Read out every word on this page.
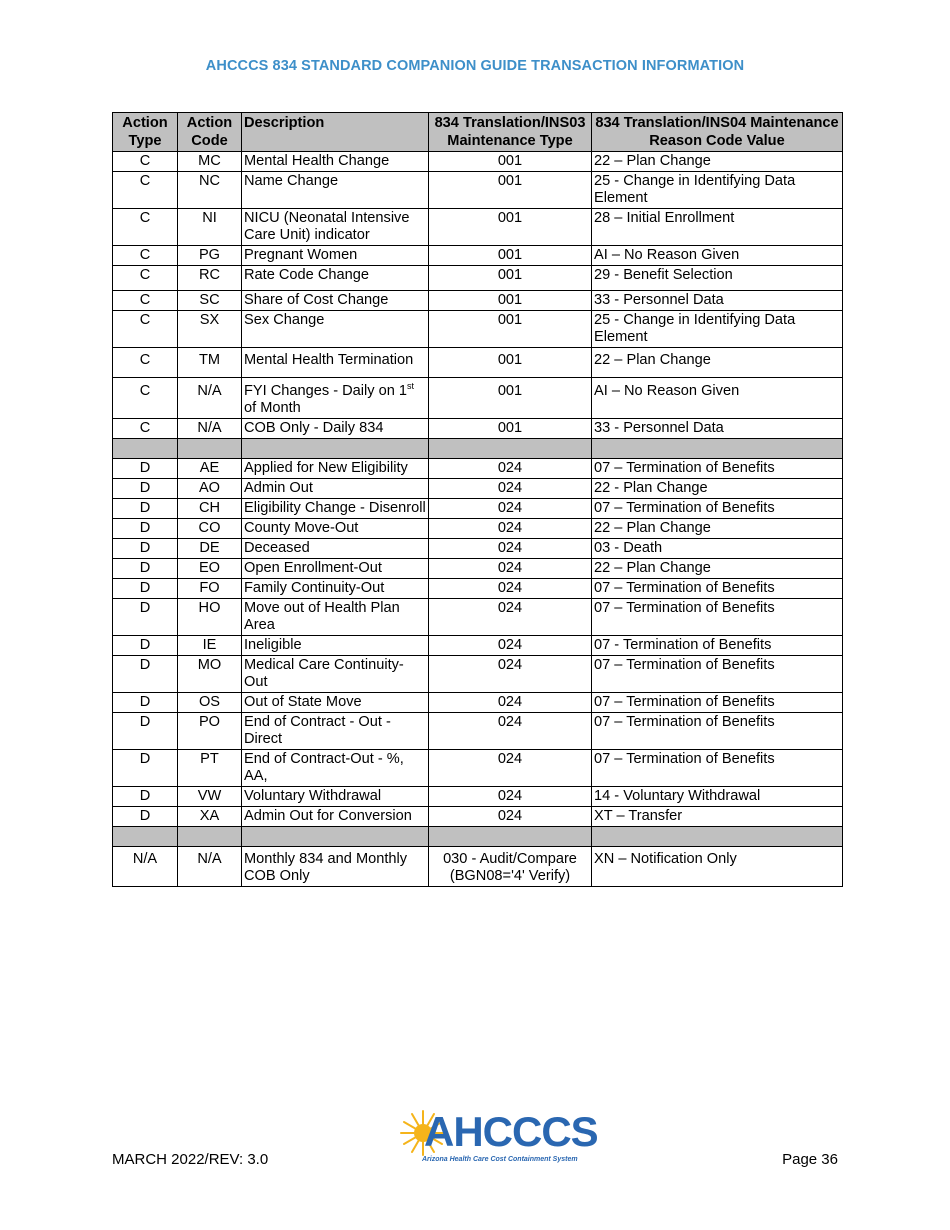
AHCCCS 834 STANDARD COMPANION GUIDE TRANSACTION INFORMATION
Action Type	Action Code	Description	834 Translation/INS03 Maintenance Type	834 Translation/INS04 Maintenance Reason Code Value
C	MC	Mental Health Change	001	22 – Plan Change
C	NC	Name Change	001	25 - Change in Identifying Data Element
C	NI	NICU (Neonatal Intensive Care Unit) indicator	001	28 – Initial Enrollment
C	PG	Pregnant Women	001	AI – No Reason Given
C	RC	Rate Code Change	001	29 - Benefit Selection
C	SC	Share of Cost Change	001	33 - Personnel Data
C	SX	Sex Change	001	25 - Change in Identifying Data Element
C	TM	Mental Health Termination	001	22 – Plan Change
C	N/A	FYI Changes - Daily on 1st of Month	001	AI – No Reason Given
C	N/A	COB Only - Daily 834	001	33 - Personnel Data

D	AE	Applied for New Eligibility	024	07 – Termination of Benefits
D	AO	Admin Out	024	22 - Plan Change
D	CH	Eligibility Change - Disenroll	024	07 – Termination of Benefits
D	CO	County Move-Out	024	22 – Plan Change
D	DE	Deceased	024	03 - Death
D	EO	Open Enrollment-Out	024	22 – Plan Change
D	FO	Family Continuity-Out	024	07 – Termination of Benefits
D	HO	Move out of Health Plan Area	024	07 – Termination of Benefits
D	IE	Ineligible	024	07 - Termination of Benefits
D	MO	Medical Care Continuity-Out	024	07 – Termination of Benefits
D	OS	Out of State Move	024	07 – Termination of Benefits
D	PO	End of Contract - Out - Direct	024	07 – Termination of Benefits
D	PT	End of Contract-Out - %, AA,	024	07 – Termination of Benefits
D	VW	Voluntary Withdrawal	024	14 - Voluntary Withdrawal
D	XA	Admin Out for Conversion	024	XT – Transfer

N/A	N/A	Monthly 834 and Monthly COB Only	030 - Audit/Compare (BGN08='4' Verify)	XN – Notification Only
MARCH 2022/REV: 3.0
AHCCCS
Arizona Health Care Cost Containment System	Page 36
